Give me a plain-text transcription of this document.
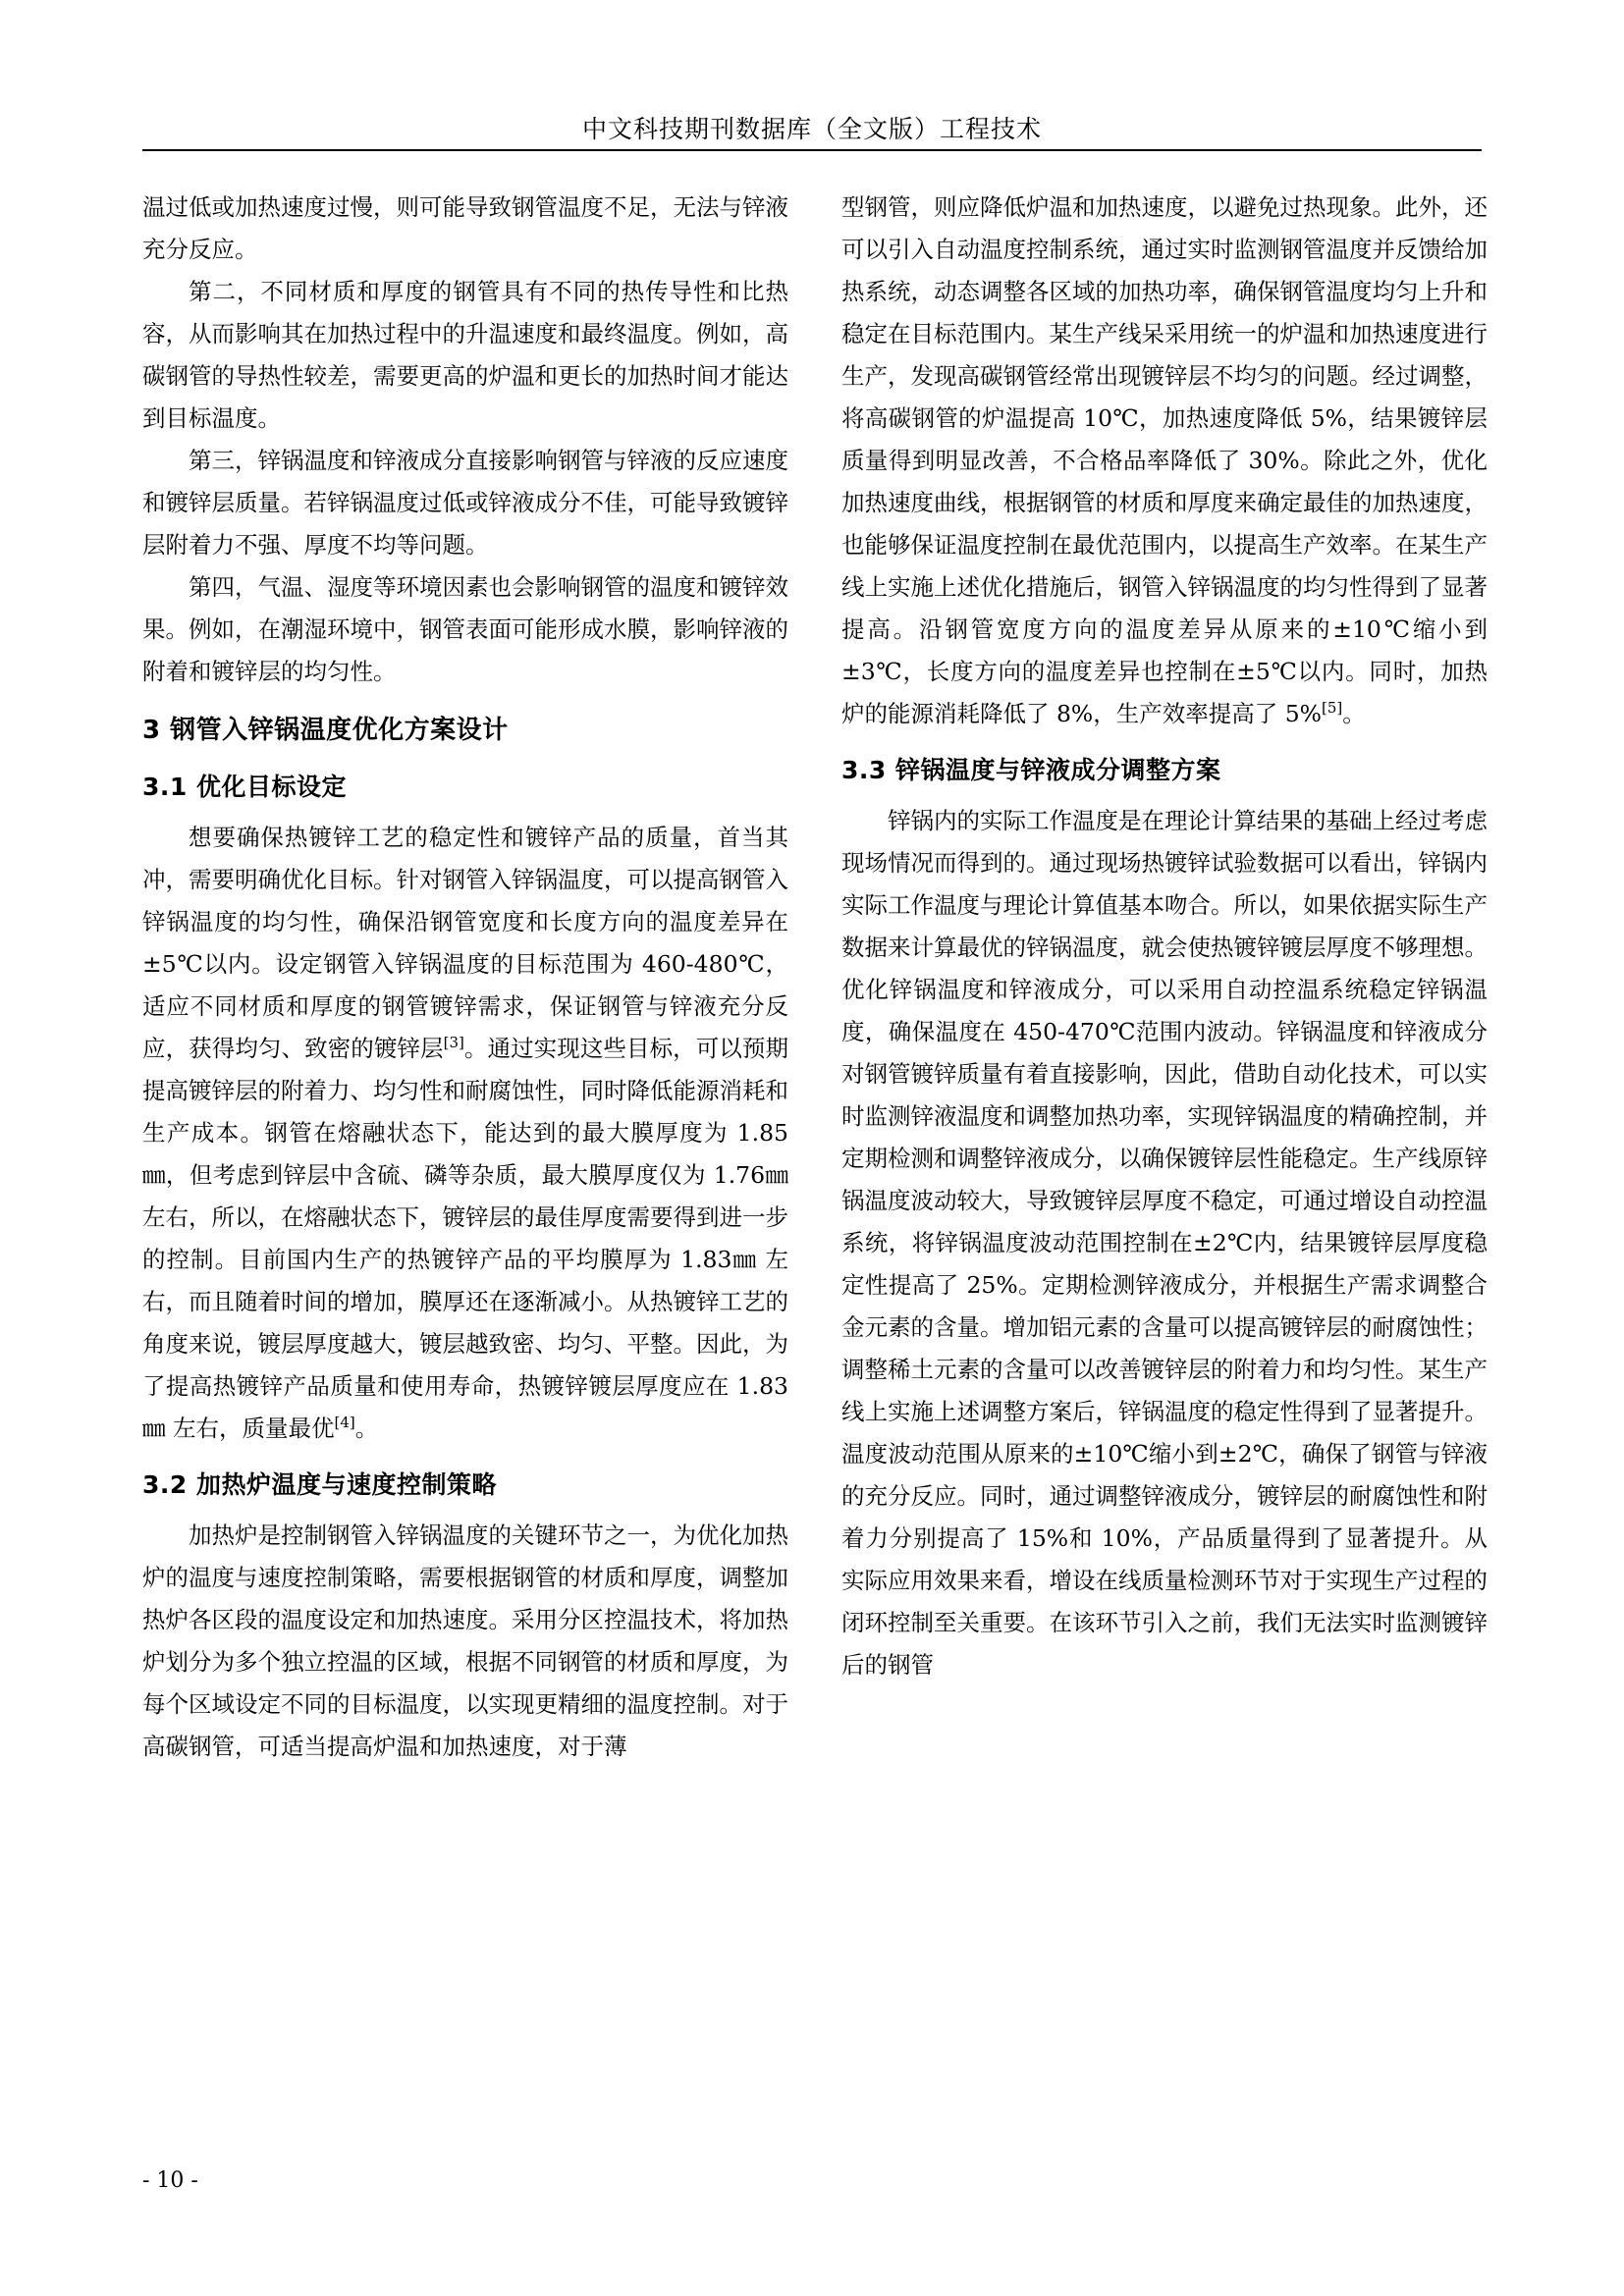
中文科技期刊数据库（全文版）工程技术

温过低或加热速度过慢，则可能导致钢管温度不足，无法与锌液充分反应。

第二，不同材质和厚度的钢管具有不同的热传导性和比热容，从而影响其在加热过程中的升温速度和最终温度。例如，高碳钢管的导热性较差，需要更高的炉温和更长的加热时间才能达到目标温度。

第三，锌锅温度和锌液成分直接影响钢管与锌液的反应速度和镀锌层质量。若锌锅温度过低或锌液成分不佳，可能导致镀锌层附着力不强、厚度不均等问题。

第四，气温、湿度等环境因素也会影响钢管的温度和镀锌效果。例如，在潮湿环境中，钢管表面可能形成水膜，影响锌液的附着和镀锌层的均匀性。

3 钢管入锌锅温度优化方案设计
3.1 优化目标设定

想要确保热镀锌工艺的稳定性和镀锌产品的质量，首当其冲，需要明确优化目标。针对钢管入锌锅温度，可以提高钢管入锌锅温度的均匀性，确保沿钢管宽度和长度方向的温度差异在±5℃以内。设定钢管入锌锅温度的目标范围为 460-480℃，适应不同材质和厚度的钢管镀锌需求，保证钢管与锌液充分反应，获得均匀、致密的镀锌层[3]。通过实现这些目标，可以预期提高镀锌层的附着力、均匀性和耐腐蚀性，同时降低能源消耗和生产成本。钢管在熔融状态下，能达到的最大膜厚度为 1.85㎜，但考虑到锌层中含硫、磷等杂质，最大膜厚度仅为 1.76㎜ 左右，所以，在熔融状态下，镀锌层的最佳厚度需要得到进一步的控制。目前国内生产的热镀锌产品的平均膜厚为 1.83㎜ 左右，而且随着时间的增加，膜厚还在逐渐减小。从热镀锌工艺的角度来说，镀层厚度越大，镀层越致密、均匀、平整。因此，为了提高热镀锌产品质量和使用寿命，热镀锌镀层厚度应在 1.83㎜ 左右，质量最优[4]。

3.2 加热炉温度与速度控制策略

加热炉是控制钢管入锌锅温度的关键环节之一，为优化加热炉的温度与速度控制策略，需要根据钢管的材质和厚度，调整加热炉各区段的温度设定和加热速度。采用分区控温技术，将加热炉划分为多个独立控温的区域，根据不同钢管的材质和厚度，为每个区域设定不同的目标温度，以实现更精细的温度控制。对于高碳钢管，可适当提高炉温和加热速度，对于薄

型钢管，则应降低炉温和加热速度，以避免过热现象。此外，还可以引入自动温度控制系统，通过实时监测钢管温度并反馈给加热系统，动态调整各区域的加热功率，确保钢管温度均匀上升和稳定在目标范围内。某生产线呆采用统一的炉温和加热速度进行生产，发现高碳钢管经常出现镀锌层不均匀的问题。经过调整，将高碳钢管的炉温提高 10℃，加热速度降低 5%，结果镀锌层质量得到明显改善，不合格品率降低了 30%。除此之外，优化加热速度曲线，根据钢管的材质和厚度来确定最佳的加热速度，也能够保证温度控制在最优范围内，以提高生产效率。在某生产线上实施上述优化措施后，钢管入锌锅温度的均匀性得到了显著提高。沿钢管宽度方向的温度差异从原来的±10℃缩小到±3℃，长度方向的温度差异也控制在±5℃以内。同时，加热炉的能源消耗降低了 8%，生产效率提高了 5%[5]。

3.3 锌锅温度与锌液成分调整方案

锌锅内的实际工作温度是在理论计算结果的基础上经过考虑现场情况而得到的。通过现场热镀锌试验数据可以看出，锌锅内实际工作温度与理论计算值基本吻合。所以，如果依据实际生产数据来计算最优的锌锅温度，就会使热镀锌镀层厚度不够理想。优化锌锅温度和锌液成分，可以采用自动控温系统稳定锌锅温度，确保温度在 450-470℃范围内波动。锌锅温度和锌液成分对钢管镀锌质量有着直接影响，因此，借助自动化技术，可以实时监测锌液温度和调整加热功率，实现锌锅温度的精确控制，并定期检测和调整锌液成分，以确保镀锌层性能稳定。生产线原锌锅温度波动较大，导致镀锌层厚度不稳定，可通过增设自动控温系统，将锌锅温度波动范围控制在±2℃内，结果镀锌层厚度稳定性提高了 25%。定期检测锌液成分，并根据生产需求调整合金元素的含量。增加铝元素的含量可以提高镀锌层的耐腐蚀性；调整稀土元素的含量可以改善镀锌层的附着力和均匀性。某生产线上实施上述调整方案后，锌锅温度的稳定性得到了显著提升。温度波动范围从原来的±10℃缩小到±2℃，确保了钢管与锌液的充分反应。同时，通过调整锌液成分，镀锌层的耐腐蚀性和附着力分别提高了 15%和 10%，产品质量得到了显著提升。从实际应用效果来看，增设在线质量检测环节对于实现生产过程的闭环控制至关重要。在该环节引入之前，我们无法实时监测镀锌后的钢管

- 10 -
